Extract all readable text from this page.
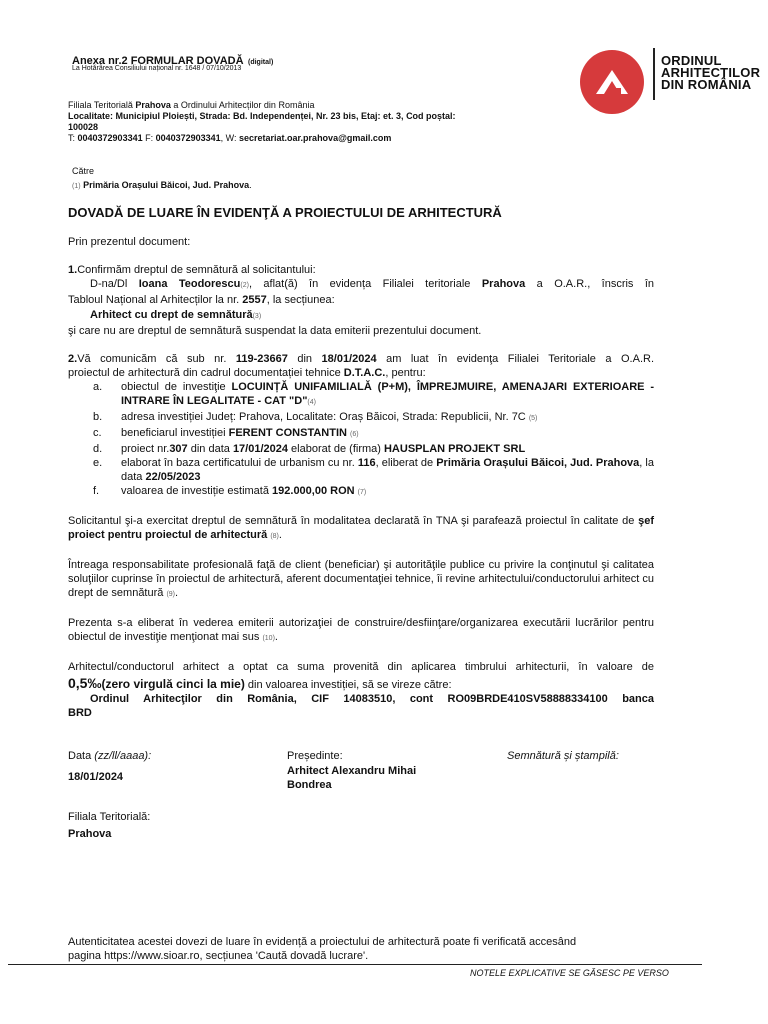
Anexa nr.2 FORMULAR DOVADĂ (digital)
La Hotărârea Consiliului național nr. 1648 / 07/10/2013
ORDINUL
ARHITECȚILOR
DIN ROMÂNIA
Filiala Teritorială Prahova a Ordinului Arhitecților din România
Localitate: Municipiul Ploiești, Strada: Bd. Independenței, Nr. 23 bis, Etaj: et. 3, Cod poștal: 100028
T: 0040372903341 F: 0040372903341, W: secretariat.oar.prahova@gmail.com
Către
(1) Primăria Orașului Băicoi, Jud. Prahova.
DOVADĂ DE LUARE ÎN EVIDENŢĂ A PROIECTULUI DE ARHITECTURĂ
Prin prezentul document:
1.Confirmăm dreptul de semnătură al solicitantului:
D-na/Dl Ioana Teodorescu(2), aflat(ă) în evidența Filialei teritoriale Prahova a O.A.R., înscris în
Tabloul Național al Arhitecților la nr. 2557, la secțiunea:
Arhitect cu drept de semnătură(3)
şi care nu are dreptul de semnătură suspendat la data emiterii prezentului document.
2.Vă comunicăm că sub nr. 119-23667 din 18/01/2024 am luat în evidenţa Filialei Teritoriale a O.A.R.
proiectul de arhitectură din cadrul documentației tehnice D.T.A.C., pentru:
a. obiectul de investiţie LOCUINȚĂ UNIFAMILIALĂ (P+M), ÎMPREJMUIRE, AMENAJARI EXTERIOARE - INTRARE ÎN LEGALITATE - CAT "D"(4)
b. adresa investiției Județ: Prahova, Localitate: Oraș Băicoi, Strada: Republicii, Nr. 7C (5)
c. beneficiarul investiției FERENT CONSTANTIN (6)
d. proiect nr.307 din data 17/01/2024 elaborat de (firma) HAUSPLAN PROJEKT SRL
e. elaborat în baza certificatului de urbanism cu nr. 116, eliberat de Primăria Orașului Băicoi, Jud. Prahova, la data 22/05/2023
f. valoarea de investiție estimată 192.000,00 RON (7)
Solicitantul şi-a exercitat dreptul de semnătură în modalitatea declarată în TNA şi parafează proiectul în calitate de şef proiect pentru proiectul de arhitectură (8).
Întreaga responsabilitate profesională faţă de client (beneficiar) şi autorităţile publice cu privire la conţinutul şi calitatea soluţiilor cuprinse în proiectul de arhitectură, aferent documentaţiei tehnice, îi revine arhitectului/conductorului arhitect cu drept de semnătură (9).
Prezenta s-a eliberat în vederea emiterii autorizaţiei de construire/desfiinţare/organizarea executării lucrărilor pentru obiectul de investiţie menţionat mai sus (10).
Arhitectul/conductorul arhitect a optat ca suma provenită din aplicarea timbrului arhitecturii, în valoare de
0,5‰(zero virgulă cinci la mie) din valoarea investiției, să se vireze către:
Ordinul Arhitecţilor din România, CIF 14083510, cont RO09BRDE410SV58888334100 banca
BRD
Data (zz/ll/aaaa):
18/01/2024
Președinte:
Arhitect Alexandru Mihai Bondrea
Semnătură și ștampilă:
Filiala Teritorială:
Prahova
Autenticitatea acestei dovezi de luare în evidență a proiectului de arhitectură poate fi verificată accesând
pagina https://www.sioar.ro, secțiunea 'Caută dovadă lucrare'.
NOTELE EXPLICATIVE SE GĂSESC PE VERSO
